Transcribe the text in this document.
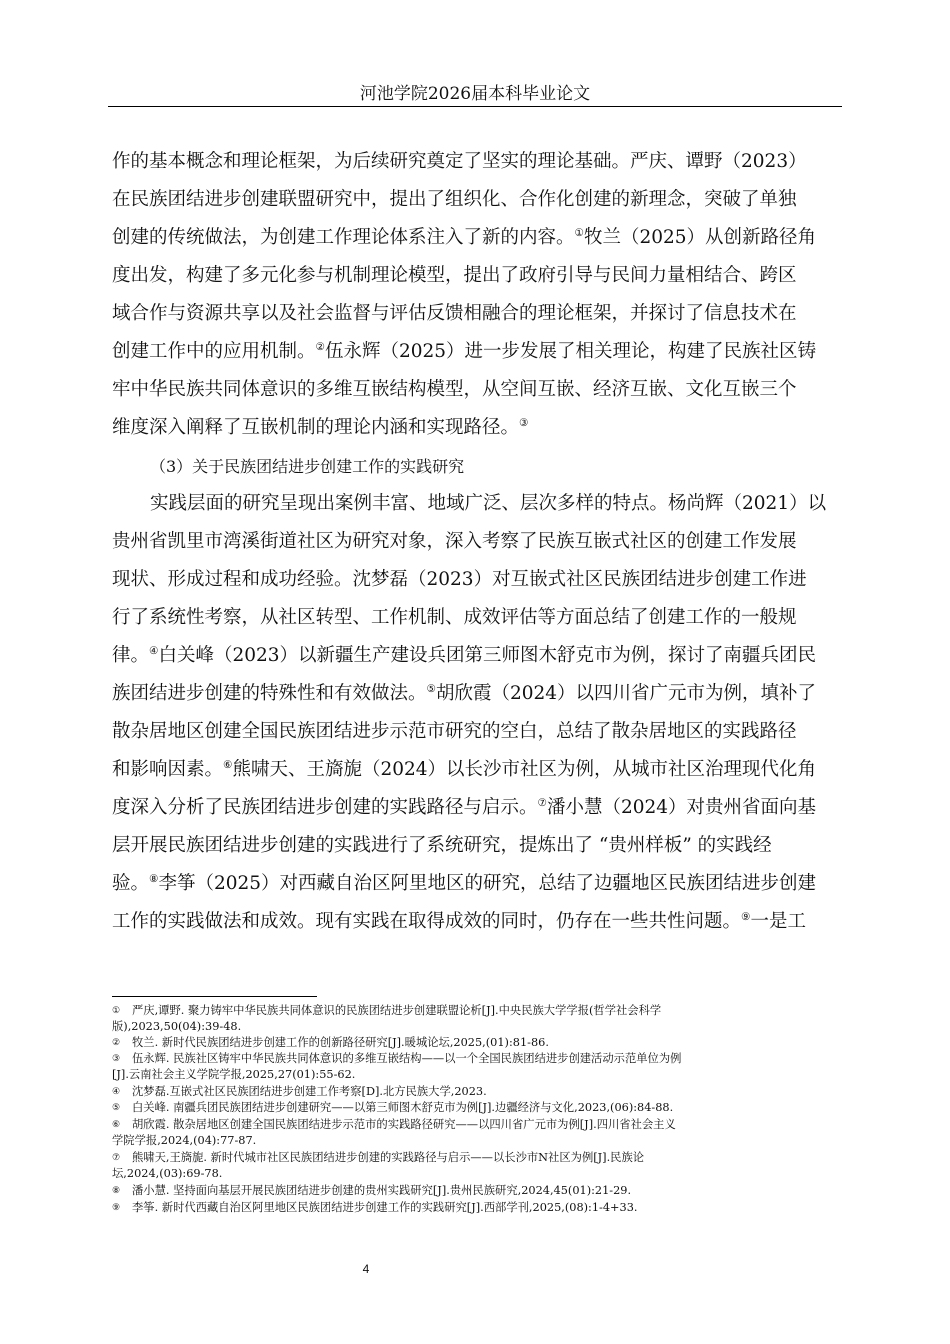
河池学院2026届本科毕业论文
作的基本概念和理论框架，为后续研究奠定了坚实的理论基础。严庆、谭野（2023）
在民族团结进步创建联盟研究中，提出了组织化、合作化创建的新理念，突破了单独
创建的传统做法，为创建工作理论体系注入了新的内容。①牧兰（2025）从创新路径角
度出发，构建了多元化参与机制理论模型，提出了政府引导与民间力量相结合、跨区
域合作与资源共享以及社会监督与评估反馈相融合的理论框架，并探讨了信息技术在
创建工作中的应用机制。②伍永辉（2025）进一步发展了相关理论，构建了民族社区铸
牢中华民族共同体意识的多维互嵌结构模型，从空间互嵌、经济互嵌、文化互嵌三个
维度深入阐释了互嵌机制的理论内涵和实现路径。③
（3）关于民族团结进步创建工作的实践研究
实践层面的研究呈现出案例丰富、地域广泛、层次多样的特点。杨尚辉（2021）以
贵州省凯里市湾溪街道社区为研究对象，深入考察了民族互嵌式社区的创建工作发展
现状、形成过程和成功经验。沈梦磊（2023）对互嵌式社区民族团结进步创建工作进
行了系统性考察，从社区转型、工作机制、成效评估等方面总结了创建工作的一般规
律。④白关峰（2023）以新疆生产建设兵团第三师图木舒克市为例，探讨了南疆兵团民
族团结进步创建的特殊性和有效做法。⑤胡欣霞（2024）以四川省广元市为例，填补了
散杂居地区创建全国民族团结进步示范市研究的空白，总结了散杂居地区的实践路径
和影响因素。⑥熊啸天、王旖旎（2024）以长沙市社区为例，从城市社区治理现代化角
度深入分析了民族团结进步创建的实践路径与启示。⑦潘小慧（2024）对贵州省面向基
层开展民族团结进步创建的实践进行了系统研究，提炼出了 “贵州样板” 的实践经
验。⑧李筝（2025）对西藏自治区阿里地区的研究，总结了边疆地区民族团结进步创建
工作的实践做法和成效。现有实践在取得成效的同时，仍存在一些共性问题。⑨一是工
① 严庆,谭野. 聚力铸牢中华民族共同体意识的民族团结进步创建联盟论析[J].中央民族大学学报(哲学社会科学
版),2023,50(04):39-48.
② 牧兰. 新时代民族团结进步创建工作的创新路径研究[J].暖城论坛,2025,(01):81-86.
③ 伍永辉. 民族社区铸牢中华民族共同体意识的多维互嵌结构——以一个全国民族团结进步创建活动示范单位为例
[J].云南社会主义学院学报,2025,27(01):55-62.
④ 沈梦磊.互嵌式社区民族团结进步创建工作考察[D].北方民族大学,2023.
⑤ 白关峰. 南疆兵团民族团结进步创建研究——以第三师图木舒克市为例[J].边疆经济与文化,2023,(06):84-88.
⑥ 胡欣霞. 散杂居地区创建全国民族团结进步示范市的实践路径研究——以四川省广元市为例[J].四川省社会主义
学院学报,2024,(04):77-87.
⑦ 熊啸天,王旖旎. 新时代城市社区民族团结进步创建的实践路径与启示——以长沙市N社区为例[J].民族论
坛,2024,(03):69-78.
⑧ 潘小慧. 坚持面向基层开展民族团结进步创建的贵州实践研究[J].贵州民族研究,2024,45(01):21-29.
⑨ 李筝. 新时代西藏自治区阿里地区民族团结进步创建工作的实践研究[J].西部学刊,2025,(08):1-4+33.
4
